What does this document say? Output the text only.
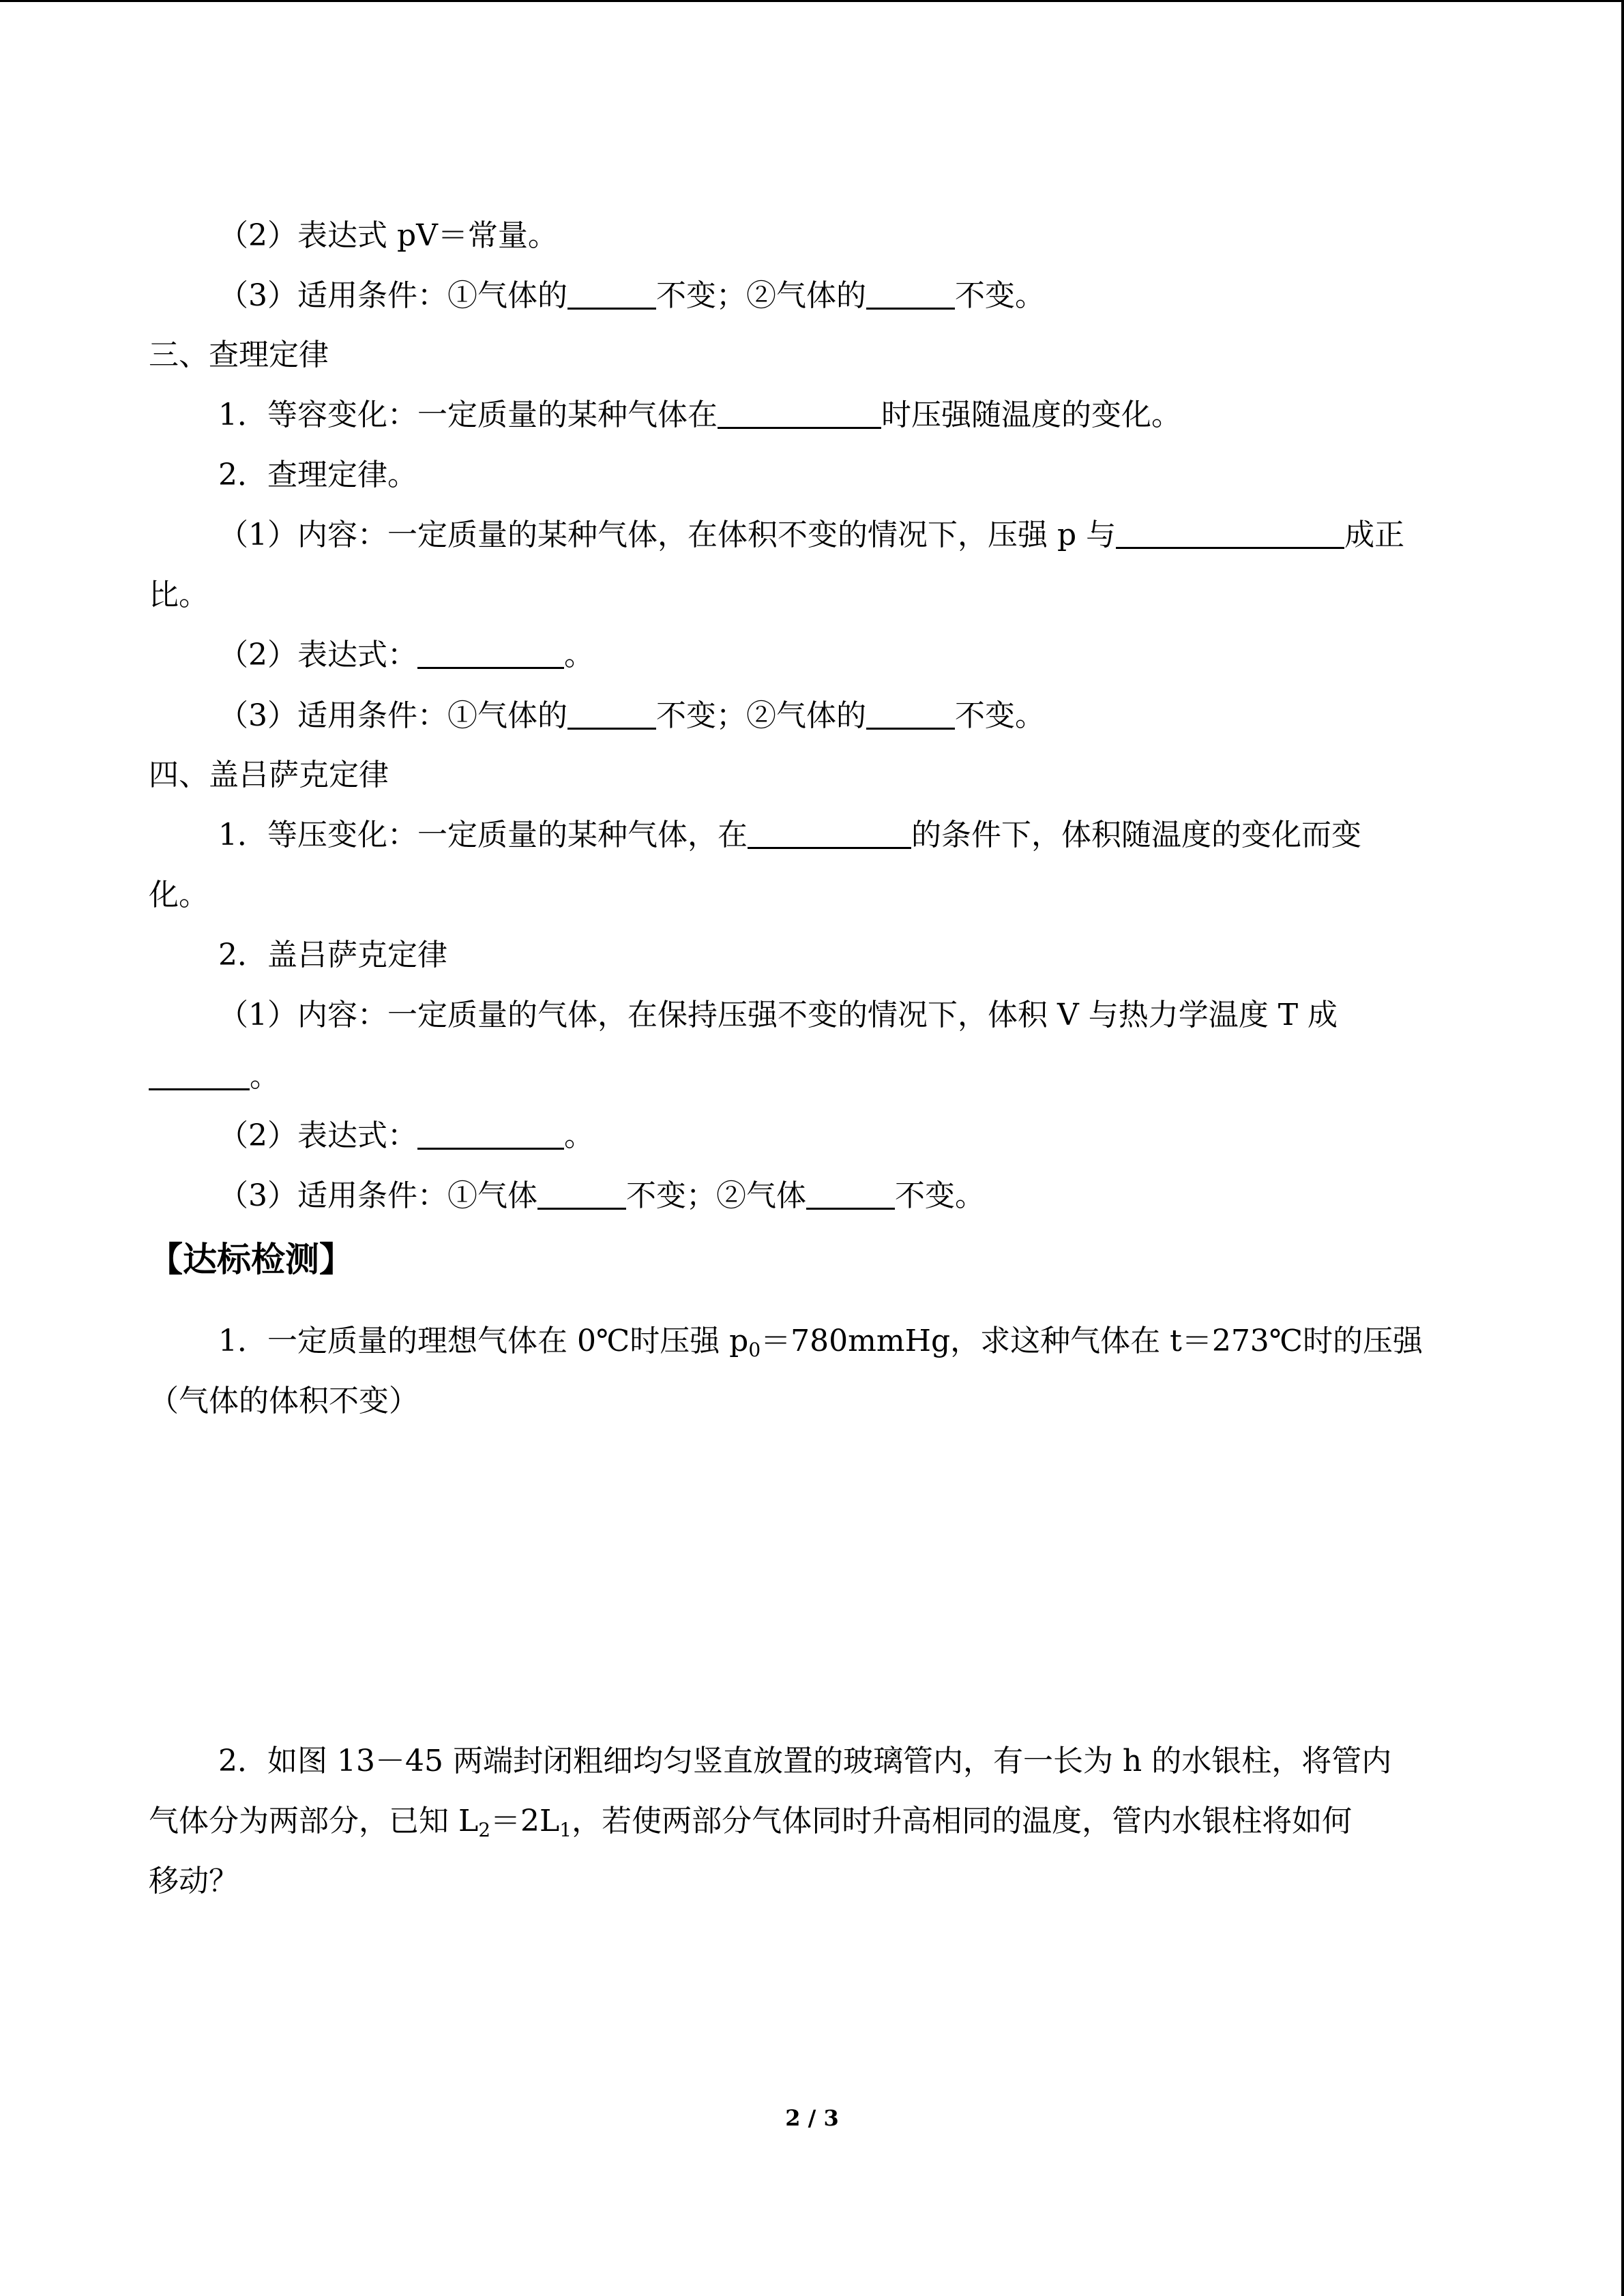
（2）表达式 pV＝常量。
（3）适用条件：①气体的	不变；②气体的	不变。
三、查理定律
1．等容变化：一定质量的某种气体在	时压强随温度的变化。
2．查理定律。
（1）内容：一定质量的某种气体，在体积不变的情况下，压强 p 与	成正
比。
（2）表达式：	。
（3）适用条件：①气体的	不变；②气体的	不变。
四、盖吕萨克定律
1．等压变化：一定质量的某种气体，在	的条件下，体积随温度的变化而变
化。
2．盖吕萨克定律
（1）内容：一定质量的气体，在保持压强不变的情况下，体积 V 与热力学温度 T 成
。
（2）表达式：	。
（3）适用条件：①气体	不变；②气体	不变。
【达标检测】
1．一定质量的理想气体在 0℃时压强 $p_0=780mmHg$，求这种气体在 t＝273℃时的压强
（气体的体积不变）
2．如图 13－45 两端封闭粗细均匀竖直放置的玻璃管内，有一长为 h 的水银柱，将管内
气体分为两部分，已知 $L_2=2L_1$，若使两部分气体同时升高相同的温度，管内水银柱将如何
移动？
2 / 3
